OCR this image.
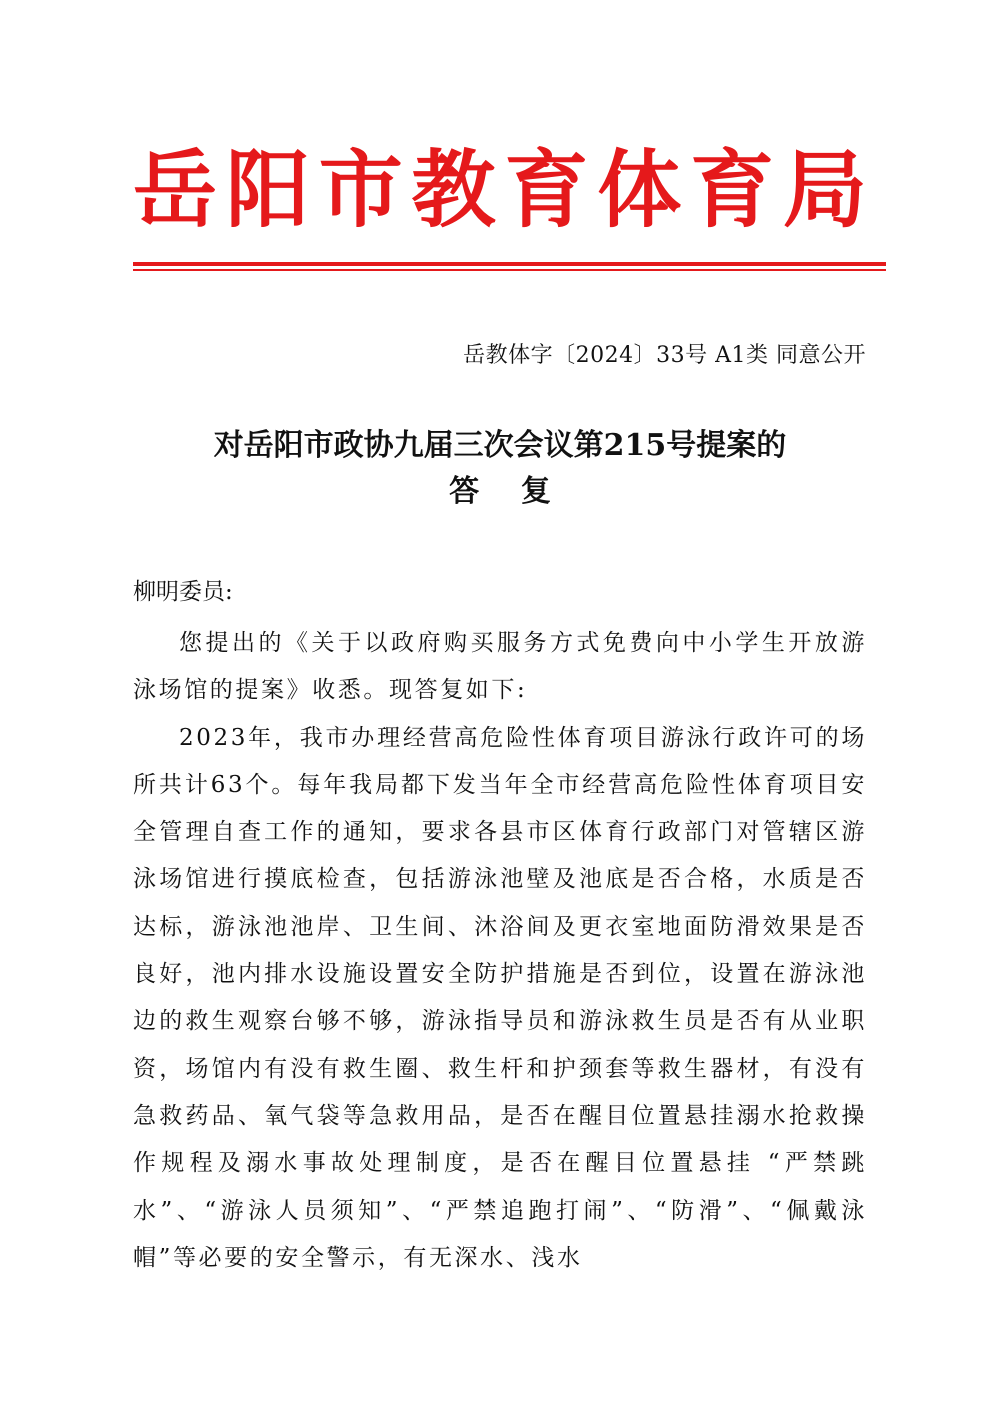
岳 阳 市 教 育 体 育 局
岳教体字〔2024〕33号 A1类 同意公开
对岳阳市政协九届三次会议第215号提案的
答    复
柳明委员:

您提出的《关于以政府购买服务方式免费向中小学生开放游泳场馆的提案》收悉。现答复如下:

2023年，我市办理经营高危险性体育项目游泳行政许可的场所共计63个。每年我局都下发当年全市经营高危险性体育项目安全管理自查工作的通知，要求各县市区体育行政部门对管辖区游泳场馆进行摸底检查，包括游泳池壁及池底是否合格，水质是否达标，游泳池池岸、卫生间、沐浴间及更衣室地面防滑效果是否良好，池内排水设施设置安全防护措施是否到位，设置在游泳池边的救生观察台够不够，游泳指导员和游泳救生员是否有从业职资，场馆内有没有救生圈、救生杆和护颈套等救生器材，有没有急救药品、氧气袋等急救用品，是否在醒目位置悬挂溺水抢救操作规程及溺水事故处理制度，是否在醒目位置悬挂 “严禁跳水”、“游泳人员须知”、“严禁追跑打闹”、“防滑”、“佩戴泳帽”等必要的安全警示，有无深水、浅水
